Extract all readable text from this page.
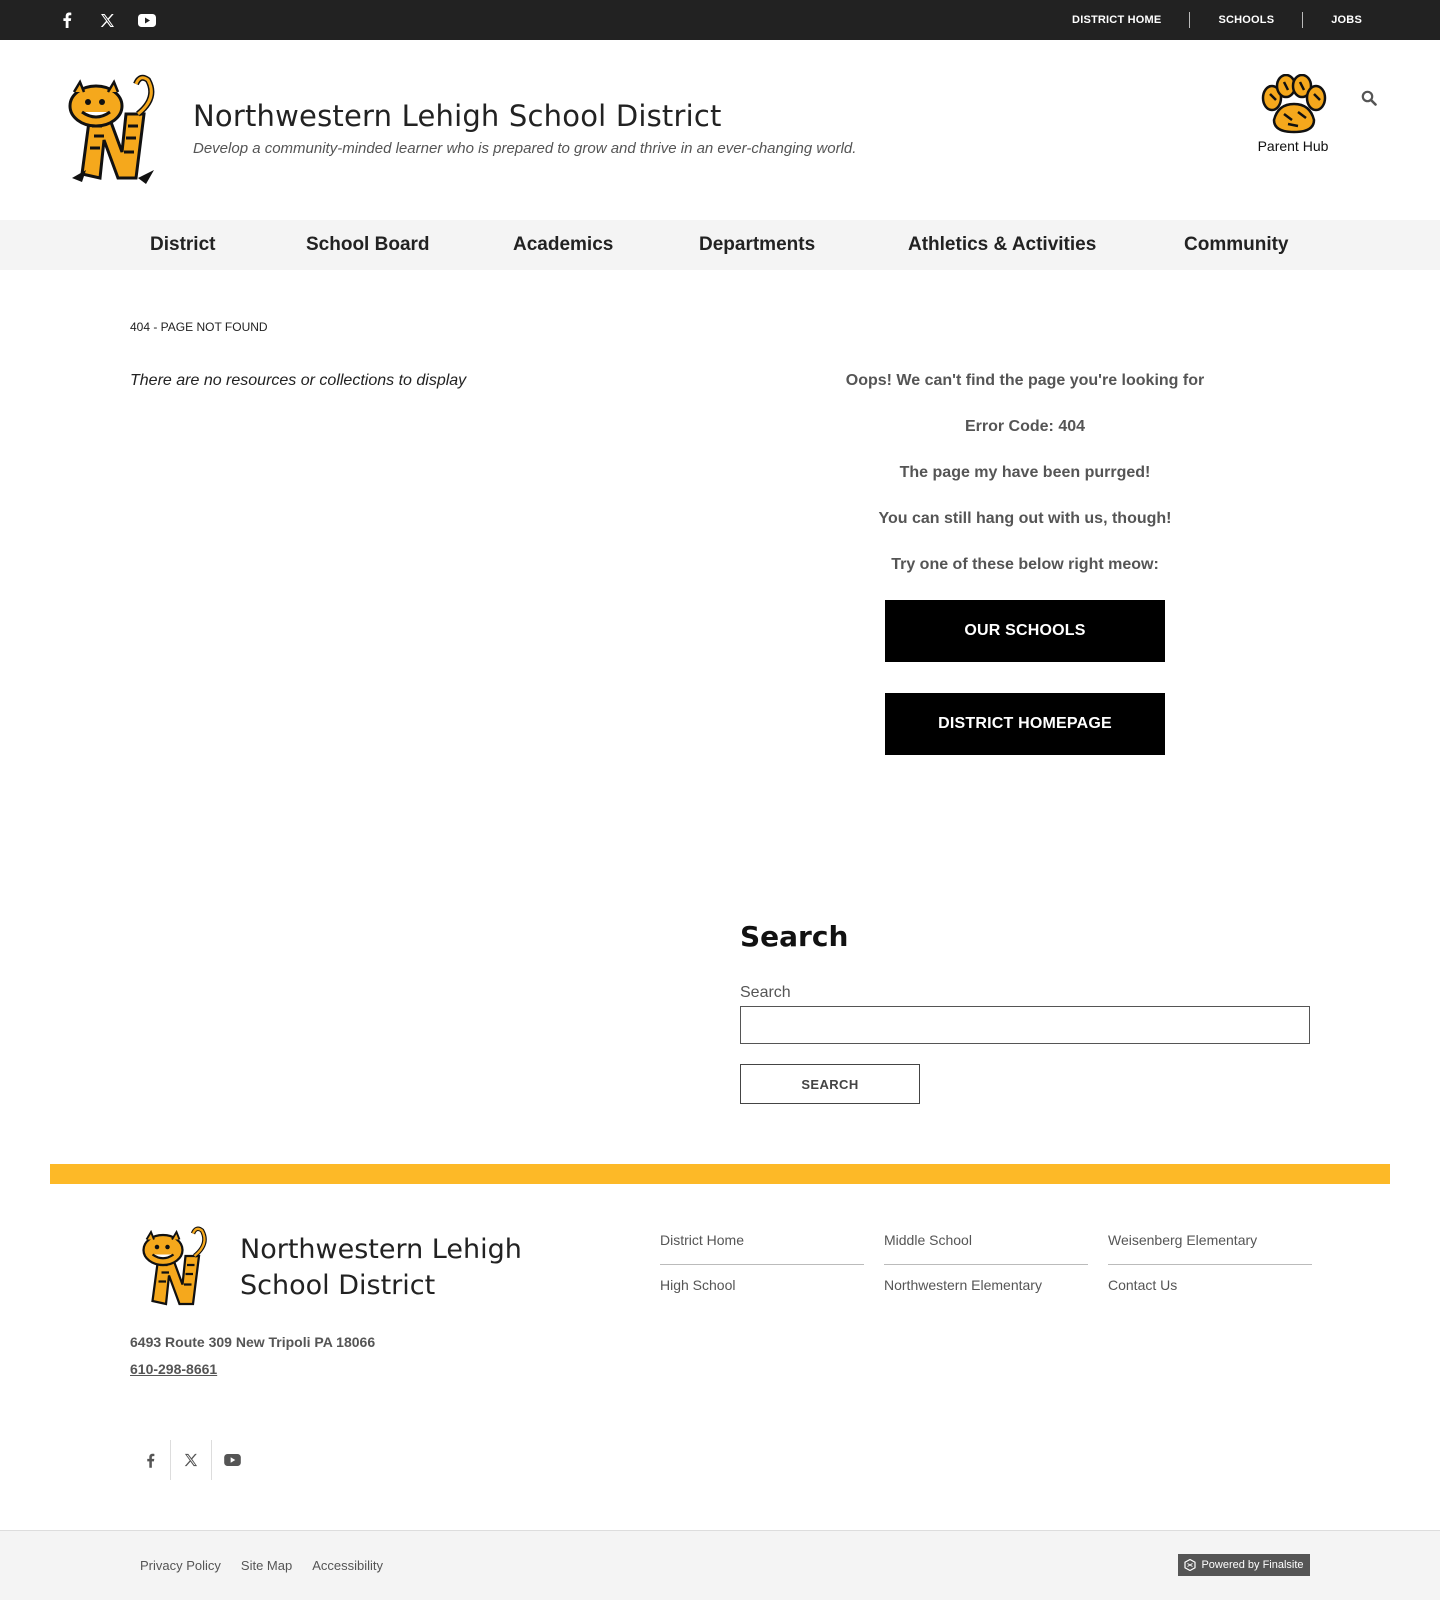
DISTRICT HOME	SCHOOLS	JOBS
Northwestern Lehigh School District
Develop a community-minded learner who is prepared to grow and thrive in an ever-changing world.	Parent Hub
District	School Board	Academics	Departments	Athletics & Activities	Community
404 - PAGE NOT FOUND
There are no resources or collections to display	Oops! We can't find the page you're looking for
Error Code: 404
The page my have been purrged!
You can still hang out with us, though!
Try one of these below right meow:
OUR SCHOOLS
DISTRICT HOMEPAGE
Search
Search
SEARCH
Northwestern Lehigh School District
6493 Route 309 New Tripoli PA 18066
610-298-8661
District Home	Middle School	Weisenberg Elementary
High School	Northwestern Elementary	Contact Us
Privacy Policy Site Map Accessibility	Powered by Finalsite
